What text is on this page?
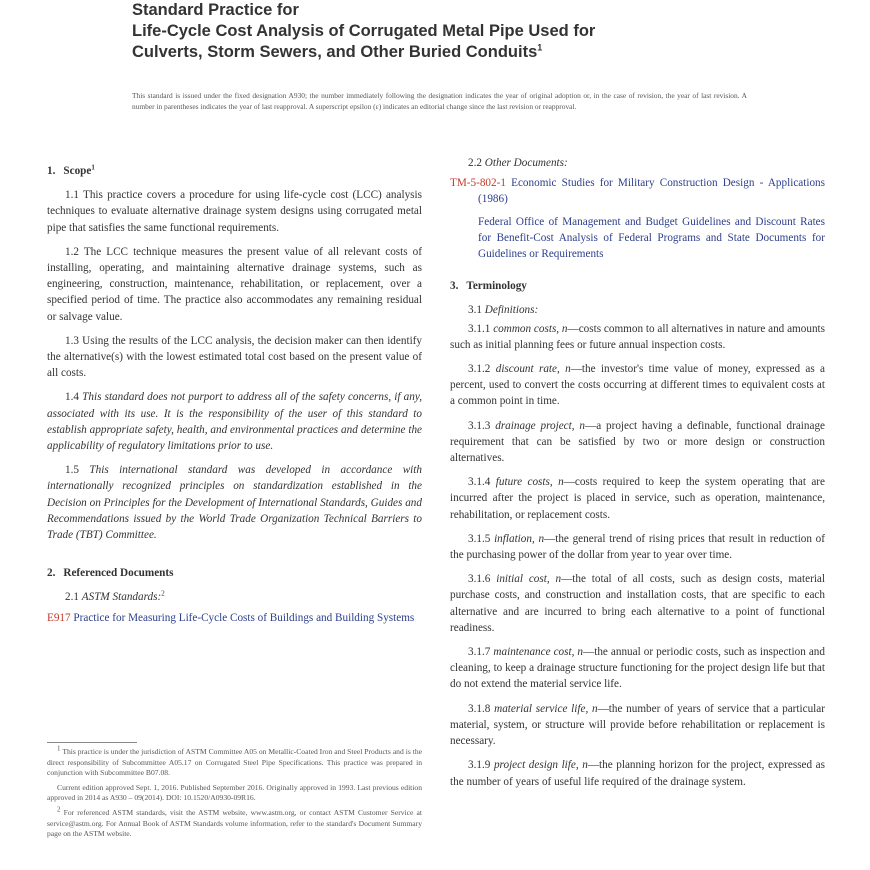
Standard Practice for
Life-Cycle Cost Analysis of Corrugated Metal Pipe Used for
Culverts, Storm Sewers, and Other Buried Conduits$^1$
This standard is issued under the fixed designation A930; the number immediately following the designation indicates the year of original adoption or, in the case of revision, the year of last revision. A number in parentheses indicates the year of last reapproval. A superscript epsilon (ε) indicates an editorial change since the last revision or reapproval.
1. Scope$^1$

1.1 This practice covers a procedure for using life-cycle cost (LCC) analysis techniques to evaluate alternative drainage system designs using corrugated metal pipe that satisfies the same functional requirements.

1.2 The LCC technique measures the present value of all relevant costs of installing, operating, and maintaining alternative drainage systems, such as engineering, construction, maintenance, rehabilitation, or replacement, over a specified period of time. The practice also accommodates any remaining residual or salvage value.

1.3 Using the results of the LCC analysis, the decision maker can then identify the alternative(s) with the lowest estimated total cost based on the present value of all costs.

1.4 This standard does not purport to address all of the safety concerns, if any, associated with its use. It is the responsibility of the user of this standard to establish appropriate safety, health, and environmental practices and determine the applicability of regulatory limitations prior to use.

1.5 This international standard was developed in accordance with internationally recognized principles on standardization established in the Decision on Principles for the Development of International Standards, Guides and Recommendations issued by the World Trade Organization Technical Barriers to Trade (TBT) Committee.

2. Referenced Documents

2.1 ASTM Standards:$^2$

E917 Practice for Measuring Life-Cycle Costs of Buildings and Building Systems

$^1$ This practice is under the jurisdiction of ASTM Committee A05 on Metallic-Coated Iron and Steel Products and is the direct responsibility of Subcommittee A05.17 on Corrugated Steel Pipe Specifications. This practice was prepared in conjunction with Subcommittee B07.08.

Current edition approved Sept. 1, 2016. Published September 2016. Originally approved in 1993. Last previous edition approved in 2014 as A930 – 09(2014). DOI: 10.1520/A0930-09R16.

$^2$ For referenced ASTM standards, visit the ASTM website, www.astm.org, or contact ASTM Customer Service at service@astm.org. For Annual Book of ASTM Standards volume information, refer to the standard's Document Summary page on the ASTM website.

2.2 Other Documents:

TM-5-802-1 Economic Studies for Military Construction Design - Applications (1986)

Federal Office of Management and Budget Guidelines and Discount Rates for Benefit-Cost Analysis of Federal Programs and State Documents for Guidelines or Requirements

3. Terminology

3.1 Definitions:

3.1.1 common costs, n—costs common to all alternatives in nature and amounts such as initial planning fees or future annual inspection costs.

3.1.2 discount rate, n—the investor's time value of money, expressed as a percent, used to convert the costs occurring at different times to equivalent costs at a common point in time.

3.1.3 drainage project, n—a project having a definable, functional drainage requirement that can be satisfied by two or more design or construction alternatives.

3.1.4 future costs, n—costs required to keep the system operating that are incurred after the project is placed in service, such as operation, maintenance, rehabilitation, or replacement costs.

3.1.5 inflation, n—the general trend of rising prices that result in reduction of the purchasing power of the dollar from year to year over time.

3.1.6 initial cost, n—the total of all costs, such as design costs, material purchase costs, and construction and installation costs, that are specific to each alternative and are incurred to bring each alternative to a point of functional readiness.

3.1.7 maintenance cost, n—the annual or periodic costs, such as inspection and cleaning, to keep a drainage structure functioning for the project design life but that do not extend the material service life.

3.1.8 material service life, n—the number of years of service that a particular material, system, or structure will provide before rehabilitation or replacement is necessary.

3.1.9 project design life, n—the planning horizon for the project, expressed as the number of years of useful life required of the drainage system.
